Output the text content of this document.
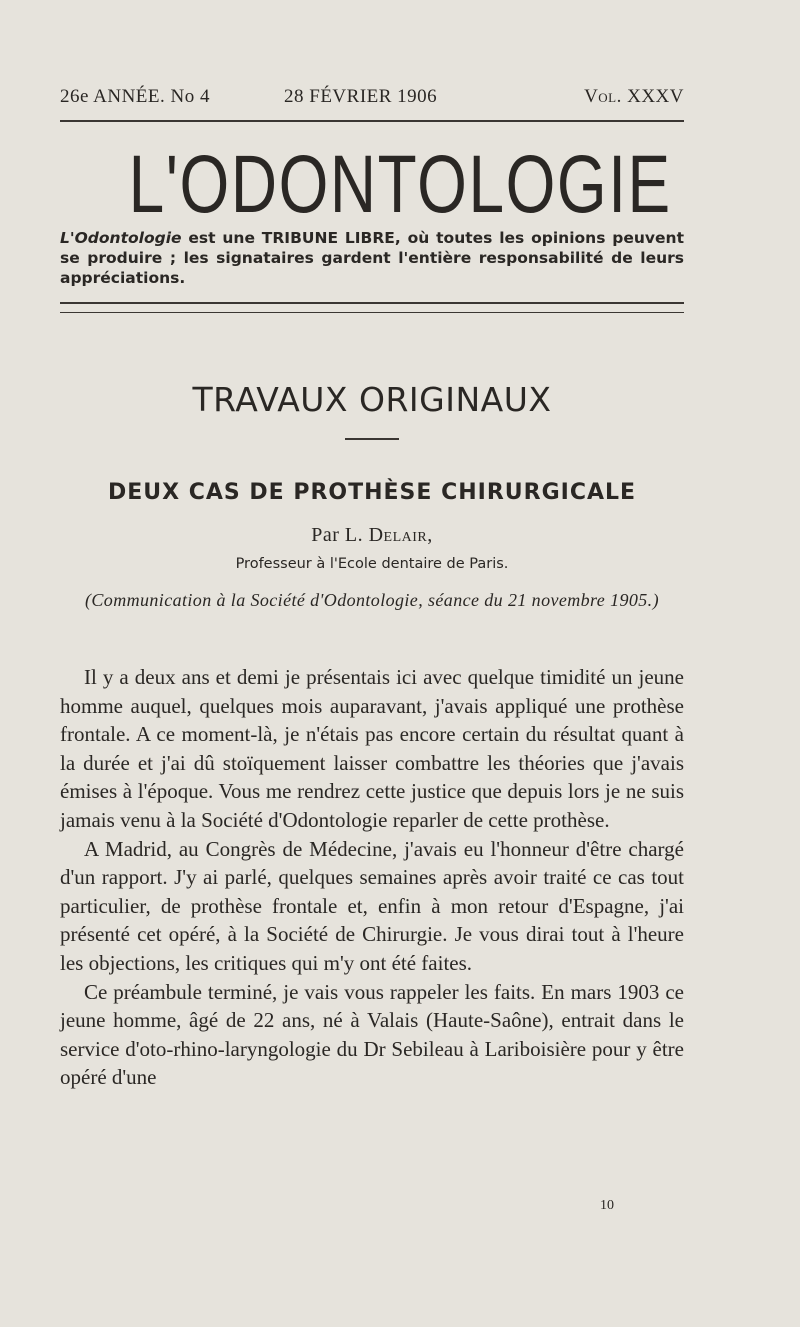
26e ANNÉE. No 4	28 FÉVRIER 1906	Vol. XXXV
L'ODONTOLOGIE
L'Odontologie est une TRIBUNE LIBRE, où toutes les opinions peuvent se produire ; les signataires gardent l'entière responsabilité de leurs appréciations.
TRAVAUX ORIGINAUX
DEUX CAS DE PROTHÈSE CHIRURGICALE
Par L. Delair,
Professeur à l'Ecole dentaire de Paris.
(Communication à la Société d'Odontologie, séance du 21 novembre 1905.)

Il y a deux ans et demi je présentais ici avec quelque timidité un jeune homme auquel, quelques mois auparavant, j'avais appliqué une prothèse frontale. A ce moment-là, je n'étais pas encore certain du résultat quant à la durée et j'ai dû stoïquement laisser combattre les théories que j'avais émises à l'époque. Vous me rendrez cette justice que depuis lors je ne suis jamais venu à la Société d'Odontologie reparler de cette prothèse.

A Madrid, au Congrès de Médecine, j'avais eu l'honneur d'être chargé d'un rapport. J'y ai parlé, quelques semaines après avoir traité ce cas tout particulier, de prothèse frontale et, enfin à mon retour d'Espagne, j'ai présenté cet opéré, à la Société de Chirurgie. Je vous dirai tout à l'heure les objections, les critiques qui m'y ont été faites.

Ce préambule terminé, je vais vous rappeler les faits. En mars 1903 ce jeune homme, âgé de 22 ans, né à Valais (Haute-Saône), entrait dans le service d'oto-rhino-laryngologie du Dr Sebileau à Lariboisière pour y être opéré d'une

10
